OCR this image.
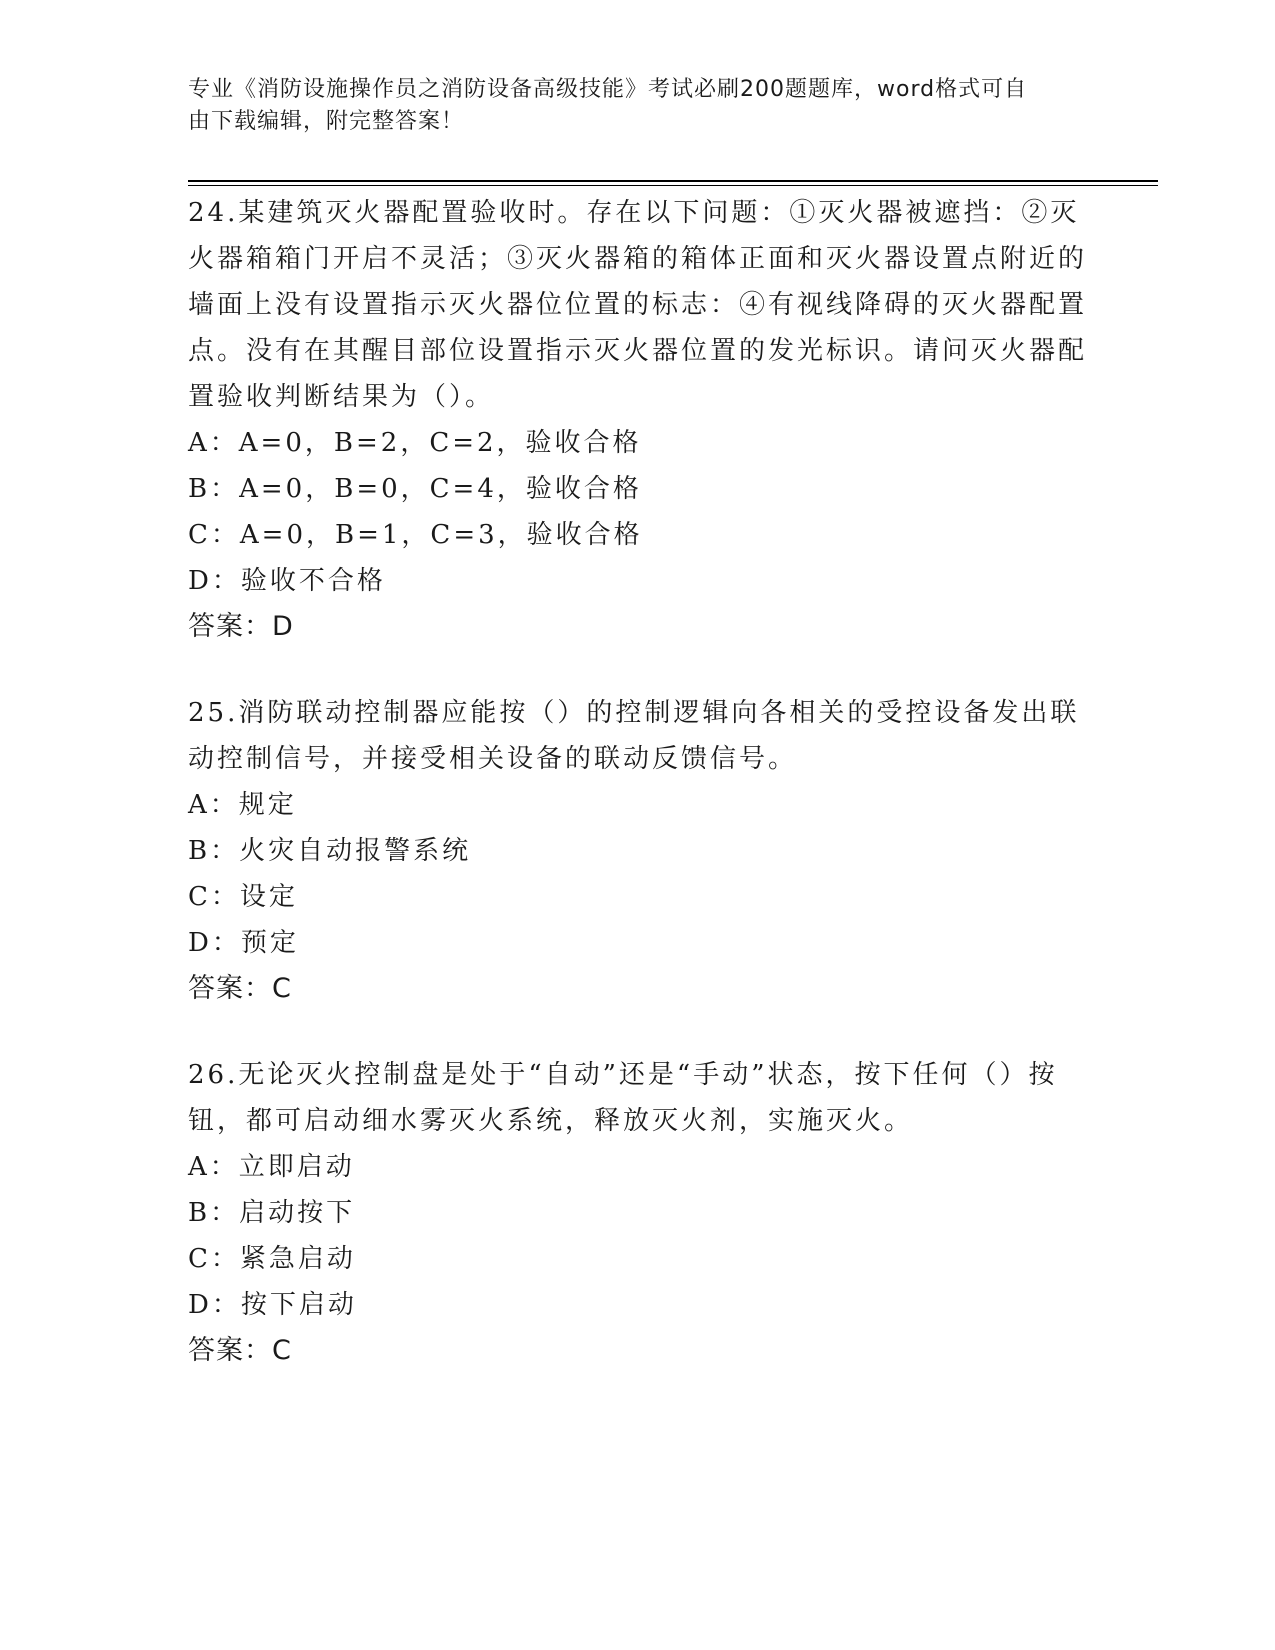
专业《消防设施操作员之消防设备高级技能》考试必刷200题题库，word格式可自由下载编辑，附完整答案！

24.某建筑灭火器配置验收时。存在以下问题：①灭火器被遮挡：②灭火器箱箱门开启不灵活；③灭火器箱的箱体正面和灭火器设置点附近的墙面上没有设置指示灭火器位位置的标志：④有视线降碍的灭火器配置点。没有在其醒目部位设置指示灭火器位置的发光标识。请问灭火器配置验收判断结果为（）。

A：A=0，B=2，C=2，验收合格

B：A=0，B=0，C=4，验收合格

C：A=0，B=1，C=3，验收合格

D：验收不合格

答案：D

25.消防联动控制器应能按（）的控制逻辑向各相关的受控设备发出联动控制信号，并接受相关设备的联动反馈信号。

A：规定

B：火灾自动报警系统

C：设定

D：预定

答案：C

26.无论灭火控制盘是处于“自动”还是“手动”状态，按下任何（）按钮，都可启动细水雾灭火系统，释放灭火剂，实施灭火。

A：立即启动

B：启动按下

C：紧急启动

D：按下启动

答案：C
